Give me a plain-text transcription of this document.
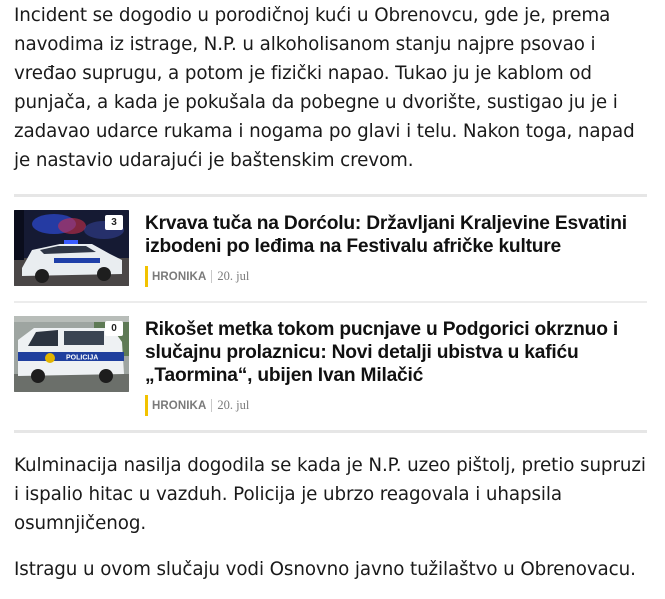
Incident se dogodio u porodičnoj kući u Obrenovcu, gde je, prema navodima iz istrage, N.P. u alkoholisanom stanju najpre psovao i vređao suprugu, a potom je fizički napao. Tukao ju je kablom od punjača, a kada je pokušala da pobegne u dvorište, sustigao ju je i zadavao udarce rukama i nogama po glavi i telu. Nakon toga, napad je nastavio udarajući je baštenskim crevom.

3	Krvava tuča na Dorćolu: Državljani Kraljevine Esvatini izbodeni po leđima na Festivalu afričke kulture
HRONIKA 20. jul
POLICIJA
0	Rikošet metka tokom pucnjave u Podgorici okrznuo i slučajnu prolaznicu: Novi detalji ubistva u kafiću „Taormina“, ubijen Ivan Milačić
HRONIKA 20. jul

Kulminacija nasilja dogodila se kada je N.P. uzeo pištolj, pretio supruzi i ispalio hitac u vazduh. Policija je ubrzo reagovala i uhapsila osumnjičenog.

Istragu u ovom slučaju vodi Osnovno javno tužilaštvo u Obrenovacu.
